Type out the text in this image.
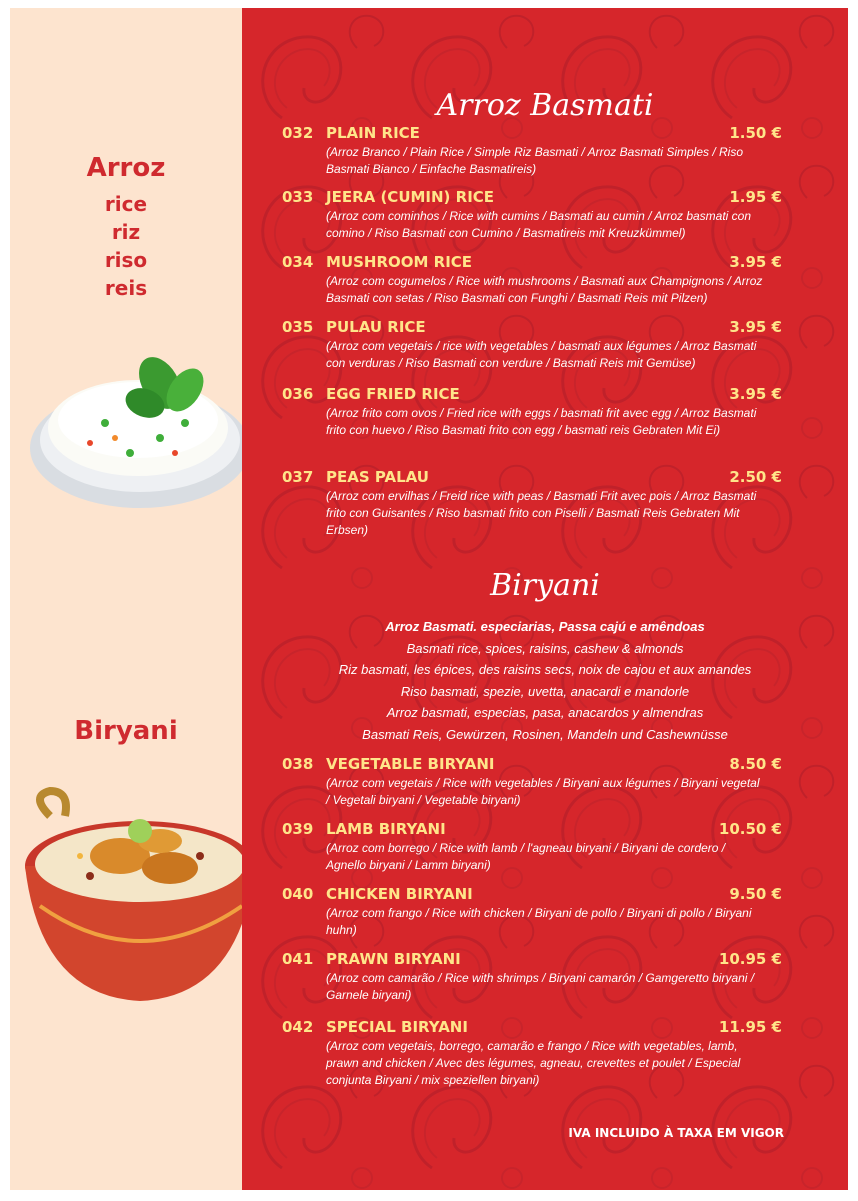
Arroz
rice
riz
riso
reis
Biryani
Arroz Basmati
032 PLAIN RICE	1.50 €
(Arroz Branco / Plain Rice / Simple Riz Basmati / Arroz Basmati Simples / Riso Basmati Bianco / Einfache Basmatireis)
033 JEERA (CUMIN) RICE	1.95 €
(Arroz com cominhos / Rice with cumins / Basmati au cumin / Arroz basmati con comino / Riso Basmati con Cumino / Basmatireis mit Kreuzkümmel)
034 MUSHROOM RICE	3.95 €
(Arroz com cogumelos / Rice with mushrooms / Basmati aux Champignons / Arroz Basmati con setas / Riso Basmati con Funghi / Basmati Reis mit Pilzen)
035 PULAU RICE	3.95 €
(Arroz com vegetais / rice with vegetables / basmati aux légumes / Arroz Basmati con verduras / Riso Basmati con verdure / Basmati Reis mit Gemüse)
036 EGG FRIED RICE	3.95 €
(Arroz frito com ovos / Fried rice with eggs / basmati frit avec egg / Arroz Basmati frito con huevo / Riso Basmati frito con egg / basmati reis Gebraten Mit Ei)
037 PEAS PALAU	2.50 €
(Arroz com ervilhas / Freid rice with peas / Basmati Frit avec pois / Arroz Basmati frito con Guisantes / Riso basmati frito con Piselli / Basmati Reis Gebraten Mit Erbsen)
Biryani
Arroz Basmati. especiarias, Passa cajú e amêndoas
Basmati rice, spices, raisins, cashew & almonds
Riz basmati, les épices, des raisins secs, noix de cajou et aux amandes
Riso basmati, spezie, uvetta, anacardi e mandorle
Arroz basmati, especias, pasa, anacardos y almendras
Basmati Reis, Gewürzen, Rosinen, Mandeln und Cashewnüsse
038 VEGETABLE BIRYANI	8.50 €
(Arroz com vegetais / Rice with vegetables / Biryani aux légumes / Biryani vegetal / Vegetali biryani / Vegetable biryani)
039 LAMB BIRYANI	10.50 €
(Arroz com borrego / Rice with lamb / l'agneau biryani / Biryani de cordero / Agnello biryani / Lamm biryani)
040 CHICKEN BIRYANI	9.50 €
(Arroz com frango / Rice with chicken / Biryani de pollo / Biryani di pollo / Biryani huhn)
041 PRAWN BIRYANI	10.95 €
(Arroz com camarão / Rice with shrimps / Biryani camarón / Gamgeretto biryani / Garnele biryani)
042 SPECIAL BIRYANI	11.95 €
(Arroz com vegetais, borrego, camarão e frango / Rice with vegetables, lamb, prawn and chicken / Avec des légumes, agneau, crevettes et poulet / Especial conjunta Biryani / mix speziellen biryani)
IVA INCLUIDO À TAXA EM VIGOR
